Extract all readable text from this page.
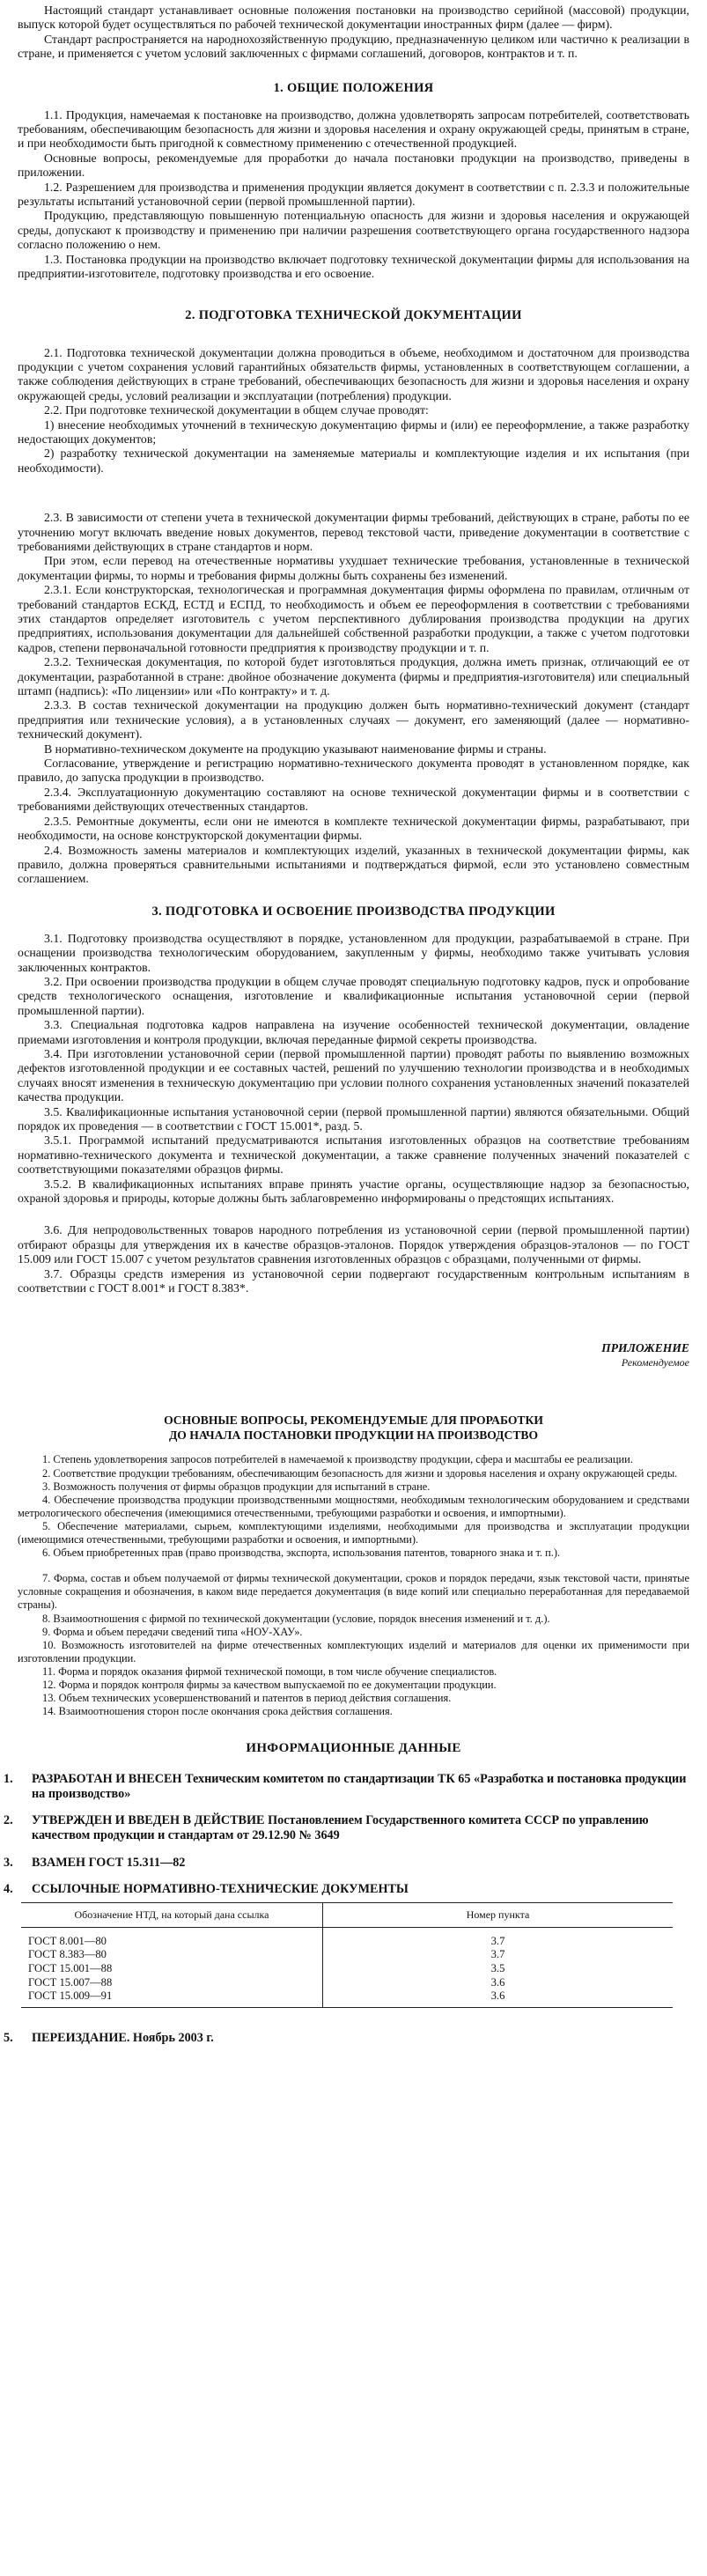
Настоящий стандарт устанавливает основные положения постановки на производство серийной (массовой) продукции, выпуск которой будет осуществляться по рабочей технической документации иностранных фирм (далее — фирм).

Стандарт распространяется на народнохозяйственную продукцию, предназначенную целиком или частично к реализации в стране, и применяется с учетом условий заключенных с фирмами соглашений, договоров, контрактов и т. п.

1. ОБЩИЕ ПОЛОЖЕНИЯ

1.1. Продукция, намечаемая к постановке на производство, должна удовлетворять запросам потребителей, соответствовать требованиям, обеспечивающим безопасность для жизни и здоровья населения и охрану окружающей среды, принятым в стране, и при необходимости быть пригодной к совместному применению с отечественной продукцией.

Основные вопросы, рекомендуемые для проработки до начала постановки продукции на производство, приведены в приложении.

1.2. Разрешением для производства и применения продукции является документ в соответствии с п. 2.3.3 и положительные результаты испытаний установочной серии (первой промышленной партии).

Продукцию, представляющую повышенную потенциальную опасность для жизни и здоровья населения и окружающей среды, допускают к производству и применению при наличии разрешения соответствующего органа государственного надзора согласно положению о нем.

1.3. Постановка продукции на производство включает подготовку технической документации фирмы для использования на предприятии-изготовителе, подготовку производства и его освоение.

2. ПОДГОТОВКА ТЕХНИЧЕСКОЙ ДОКУМЕНТАЦИИ

2.1. Подготовка технической документации должна проводиться в объеме, необходимом и достаточном для производства продукции с учетом сохранения условий гарантийных обязательств фирмы, установленных в соответствующем соглашении, а также соблюдения действующих в стране требований, обеспечивающих безопасность для жизни и здоровья населения и охрану окружающей среды, условий реализации и эксплуатации (потребления) продукции.

2.2. При подготовке технической документации в общем случае проводят:

1) внесение необходимых уточнений в техническую документацию фирмы и (или) ее переоформление, а также разработку недостающих документов;

2) разработку технической документации на заменяемые материалы и комплектующие изделия и их испытания (при необходимости).

2.3. В зависимости от степени учета в технической документации фирмы требований, действующих в стране, работы по ее уточнению могут включать введение новых документов, перевод текстовой части, приведение документации в соответствие с требованиями действующих в стране стандартов и норм.

При этом, если перевод на отечественные нормативы ухудшает технические требования, установленные в технической документации фирмы, то нормы и требования фирмы должны быть сохранены без изменений.

2.3.1. Если конструкторская, технологическая и программная документация фирмы оформлена по правилам, отличным от требований стандартов ЕСКД, ЕСТД и ЕСПД, то необходимость и объем ее переоформления в соответствии с требованиями этих стандартов определяет изготовитель с учетом перспективного дублирования производства продукции на других предприятиях, использования документации для дальнейшей собственной разработки продукции, а также с учетом подготовки кадров, степени первоначальной готовности предприятия к производству продукции и т. п.

2.3.2. Техническая документация, по которой будет изготовляться продукция, должна иметь признак, отличающий ее от документации, разработанной в стране: двойное обозначение документа (фирмы и предприятия-изготовителя) или специальный штамп (надпись): «По лицензии» или «По контракту» и т. д.

2.3.3. В состав технической документации на продукцию должен быть нормативно-технический документ (стандарт предприятия или технические условия), а в установленных случаях — документ, его заменяющий (далее — нормативно-технический документ).

В нормативно-техническом документе на продукцию указывают наименование фирмы и страны.

Согласование, утверждение и регистрацию нормативно-технического документа проводят в установленном порядке, как правило, до запуска продукции в производство.

2.3.4. Эксплуатационную документацию составляют на основе технической документации фирмы и в соответствии с требованиями действующих отечественных стандартов.

2.3.5. Ремонтные документы, если они не имеются в комплекте технической документации фирмы, разрабатывают, при необходимости, на основе конструкторской документации фирмы.

2.4. Возможность замены материалов и комплектующих изделий, указанных в технической документации фирмы, как правило, должна проверяться сравнительными испытаниями и подтверждаться фирмой, если это установлено совместным соглашением.

3. ПОДГОТОВКА И ОСВОЕНИЕ ПРОИЗВОДСТВА ПРОДУКЦИИ

3.1. Подготовку производства осуществляют в порядке, установленном для продукции, разрабатываемой в стране. При оснащении производства технологическим оборудованием, закупленным у фирмы, необходимо также учитывать условия заключенных контрактов.

3.2. При освоении производства продукции в общем случае проводят специальную подготовку кадров, пуск и опробование средств технологического оснащения, изготовление и квалификационные испытания установочной серии (первой промышленной партии).

3.3. Специальная подготовка кадров направлена на изучение особенностей технической документации, овладение приемами изготовления и контроля продукции, включая переданные фирмой секреты производства.

3.4. При изготовлении установочной серии (первой промышленной партии) проводят работы по выявлению возможных дефектов изготовленной продукции и ее составных частей, решений по улучшению технологии производства и в необходимых случаях вносят изменения в техническую документацию при условии полного сохранения установленных значений показателей качества продукции.

3.5. Квалификационные испытания установочной серии (первой промышленной партии) являются обязательными. Общий порядок их проведения — в соответствии с ГОСТ 15.001*, разд. 5.

3.5.1. Программой испытаний предусматриваются испытания изготовленных образцов на соответствие требованиям нормативно-технического документа и технической документации, а также сравнение полученных значений показателей с соответствующими показателями образцов фирмы.

3.5.2. В квалификационных испытаниях вправе принять участие органы, осуществляющие надзор за безопасностью, охраной здоровья и природы, которые должны быть заблаговременно информированы о предстоящих испытаниях.

3.6. Для непродовольственных товаров народного потребления из установочной серии (первой промышленной партии) отбирают образцы для утверждения их в качестве образцов-эталонов. Порядок утверждения образцов-эталонов — по ГОСТ 15.009 или ГОСТ 15.007 с учетом результатов сравнения изготовленных образцов с образцами, полученными от фирмы.

3.7. Образцы средств измерения из установочной серии подвергают государственным контрольным испытаниям в соответствии с ГОСТ 8.001* и ГОСТ 8.383*.

ПРИЛОЖЕНИЕ
Рекомендуемое
ОСНОВНЫЕ ВОПРОСЫ, РЕКОМЕНДУЕМЫЕ ДЛЯ ПРОРАБОТКИ
ДО НАЧАЛА ПОСТАНОВКИ ПРОДУКЦИИ НА ПРОИЗВОДСТВО
1. Степень удовлетворения запросов потребителей в намечаемой к производству продукции, сфера и масштабы ее реализации.
2. Соответствие продукции требованиям, обеспечивающим безопасность для жизни и здоровья населения и охрану окружающей среды.
3. Возможность получения от фирмы образцов продукции для испытаний в стране.
4. Обеспечение производства продукции производственными мощностями, необходимым технологическим оборудованием и средствами метрологического обеспечения (имеющимися отечественными, требующими разработки и освоения, и импортными).
5. Обеспечение материалами, сырьем, комплектующими изделиями, необходимыми для производства и эксплуатации продукции (имеющимися отечественными, требующими разработки и освоения, и импортными).
6. Объем приобретенных прав (право производства, экспорта, использования патентов, товарного знака и т. п.).
7. Форма, состав и объем получаемой от фирмы технической документации, сроков и порядок передачи, язык текстовой части, принятые условные сокращения и обозначения, в каком виде передается документация (в виде копий или специально переработанная для передаваемой страны).
8. Взаимоотношения с фирмой по технической документации (условие, порядок внесения изменений и т. д.).
9. Форма и объем передачи сведений типа «НОУ-ХАУ».
10. Возможность изготовителей на фирме отечественных комплектующих изделий и материалов для оценки их применимости при изготовлении продукции.
11. Форма и порядок оказания фирмой технической помощи, в том числе обучение специалистов.
12. Форма и порядок контроля фирмы за качеством выпускаемой по ее документации продукции.
13. Объем технических усовершенствований и патентов в период действия соглашения.
14. Взаимоотношения сторон после окончания срока действия соглашения.
ИНФОРМАЦИОННЫЕ ДАННЫЕ
1. РАЗРАБОТАН И ВНЕСЕН Техническим комитетом по стандартизации ТК 65 «Разработка и постановка продукции на производство»
2. УТВЕРЖДЕН И ВВЕДЕН В ДЕЙСТВИЕ Постановлением Государственного комитета СССР по управлению качеством продукции и стандартам от 29.12.90 № 3649
3. ВЗАМЕН ГОСТ 15.311—82
4. ССЫЛОЧНЫЕ НОРМАТИВНО-ТЕХНИЧЕСКИЕ ДОКУМЕНТЫ
Обозначение НТД, на который дана ссылка	Номер пункта
ГОСТ 8.001—80	3.7
ГОСТ 8.383—80	3.7
ГОСТ 15.001—88	3.5
ГОСТ 15.007—88	3.6
ГОСТ 15.009—91	3.6
5. ПЕРЕИЗДАНИЕ. Ноябрь 2003 г.
